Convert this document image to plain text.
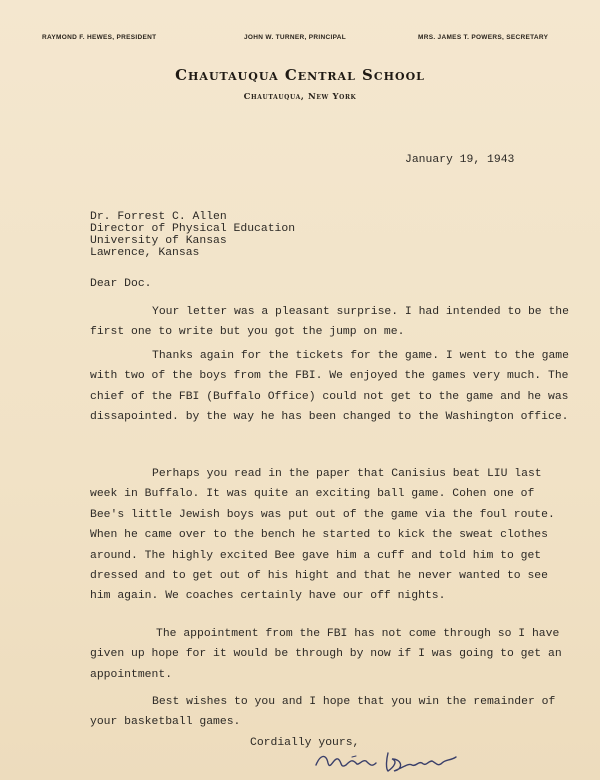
RAYMOND F. HEWES, PRESIDENT	JOHN W. TURNER, PRINCIPAL	MRS. JAMES T. POWERS, SECRETARY
Chautauqua Central School
Chautauqua, New York
January 19, 1943
Dr. Forrest C. Allen
Director of Physical Education
University of Kansas
Lawrence, Kansas
Dear Doc.
Your letter was a pleasant surprise. I had intended to be the first one to write but you got the jump on me.
Thanks again for the tickets for the game. I went to the game with two of the boys from the FBI. We enjoyed the games very much. The chief of the FBI (Buffalo Office) could not get to the game and he was dissapointed. by the way he has been changed to the Washington office.
Perhaps you read in the paper that Canisius beat LIU last week in Buffalo. It was quite an exciting ball game. Cohen one of Bee's little Jewish boys was put out of the game via the foul route. When he came over to the bench he started to kick the sweat clothes around. The highly excited Bee gave him a cuff and told him to get dressed and to get out of his hight and that he never wanted to see him again. We coaches certainly have our off nights.
The appointment from the FBI has not come through so I have given up hope for it would be through by now if I was going to get an appointment.
Best wishes to you and I hope that you win the remainder of your basketball games.
Cordially yours,
